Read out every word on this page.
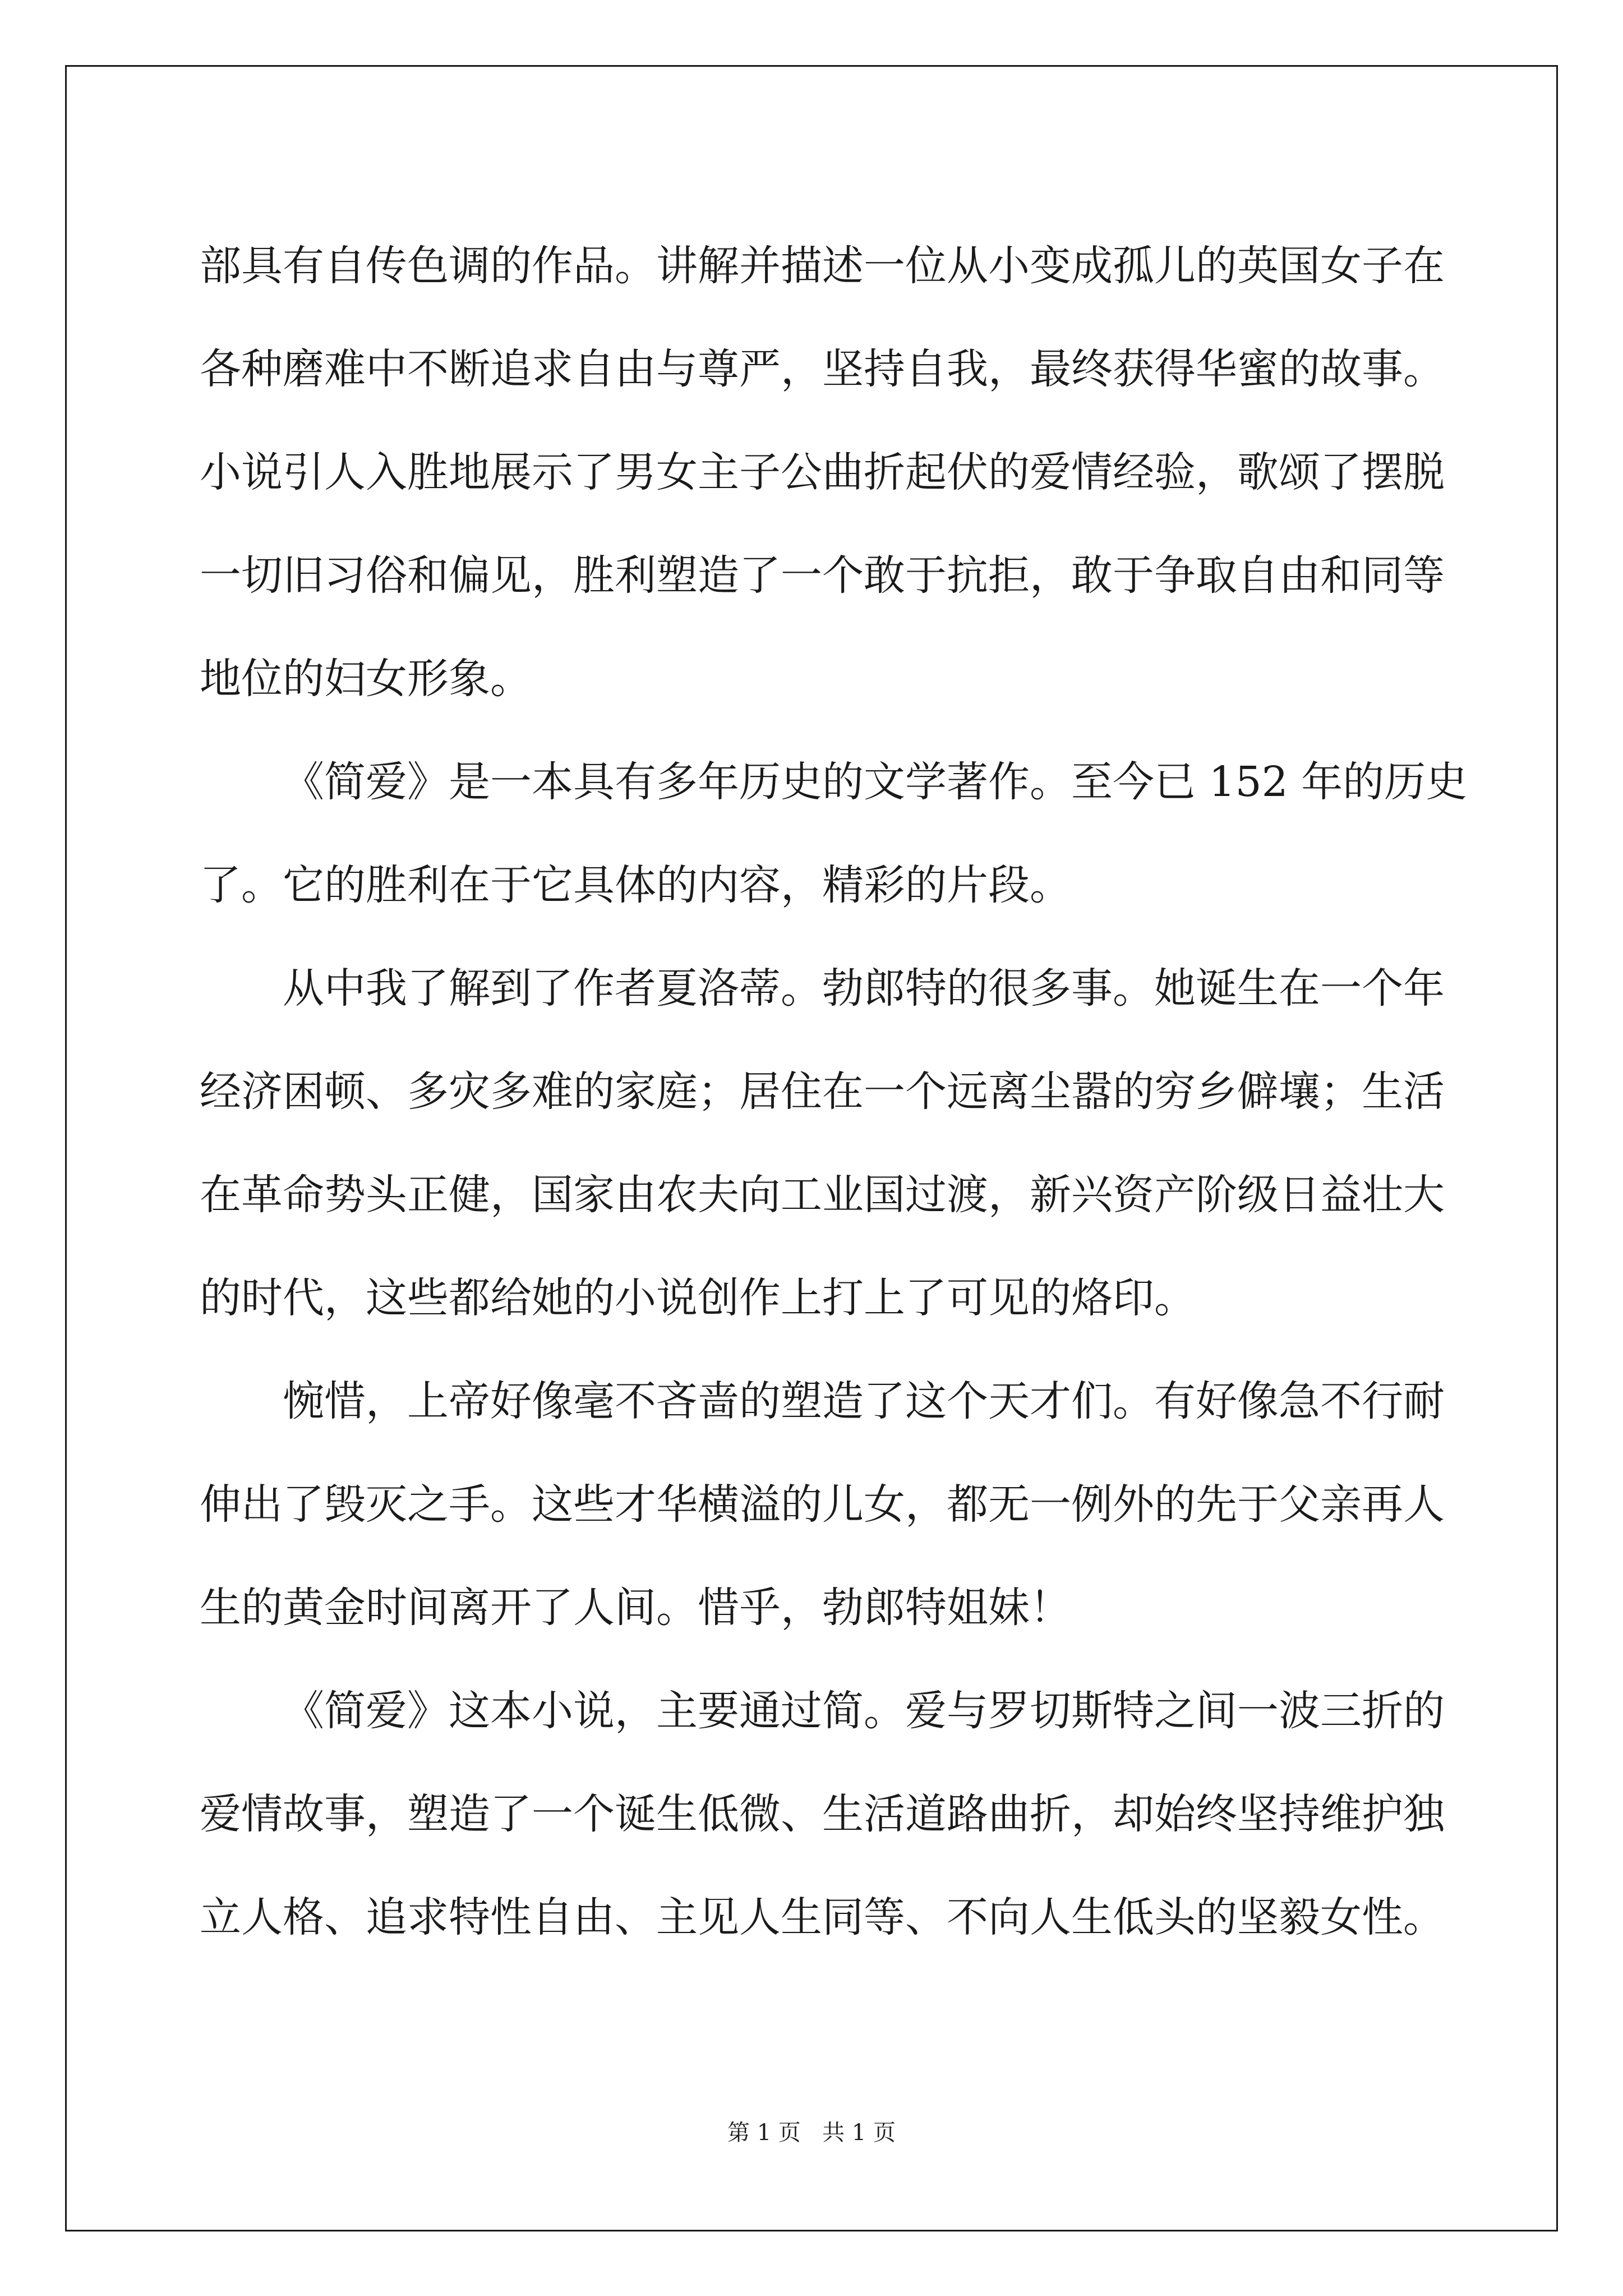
部具有自传色调的作品。讲解并描述一位从小变成孤儿的英国女子在
各种磨难中不断追求自由与尊严，坚持自我，最终获得华蜜的故事。
小说引人入胜地展示了男女主子公曲折起伏的爱情经验，歌颂了摆脱
一切旧习俗和偏见，胜利塑造了一个敢于抗拒，敢于争取自由和同等
地位的妇女形象。
《简爱》是一本具有多年历史的文学著作。至今已 152 年的历史
了。它的胜利在于它具体的内容，精彩的片段。
从中我了解到了作者夏洛蒂。勃郎特的很多事。她诞生在一个年
经济困顿、多灾多难的家庭；居住在一个远离尘嚣的穷乡僻壤；生活
在革命势头正健，国家由农夫向工业国过渡，新兴资产阶级日益壮大
的时代，这些都给她的小说创作上打上了可见的烙印。
惋惜，上帝好像毫不吝啬的塑造了这个天才们。有好像急不行耐
伸出了毁灭之手。这些才华横溢的儿女，都无一例外的先于父亲再人
生的黄金时间离开了人间。惜乎，勃郎特姐妹！
《简爱》这本小说，主要通过简。爱与罗切斯特之间一波三折的
爱情故事，塑造了一个诞生低微、生活道路曲折，却始终坚持维护独
立人格、追求特性自由、主见人生同等、不向人生低头的坚毅女性。
第 1 页   共 1 页
